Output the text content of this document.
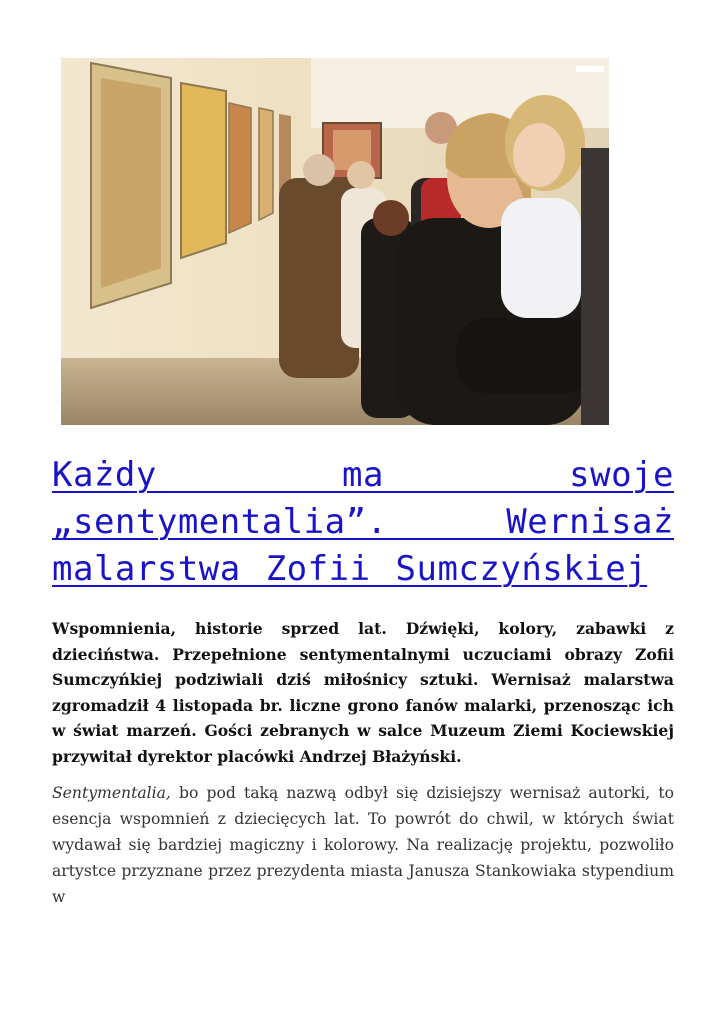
Każdy ma swoje „sentymentalia”. Wernisaż malarstwa Zofii Sumczyńskiej

Wspomnienia, historie sprzed lat. Dźwięki, kolory, zabawki z dzieciństwa. Przepełnione sentymentalnymi uczuciami obrazy Zofii Sumczyńkiej podziwiali dziś miłośnicy sztuki. Wernisaż malarstwa zgromadził 4 listopada br. liczne grono fanów malarki, przenosząc ich w świat marzeń. Gości zebranych w salce Muzeum Ziemi Kociewskiej przywitał dyrektor placówki Andrzej Błażyński.

Sentymentalia, bo pod taką nazwą odbył się dzisiejszy wernisaż autorki, to esencja wspomnień z dziecięcych lat. To powrót do chwil, w których świat wydawał się bardziej magiczny i kolorowy. Na realizację projektu, pozwoliło artystce przyznane przez prezydenta miasta Janusza Stankowiaka stypendium w
